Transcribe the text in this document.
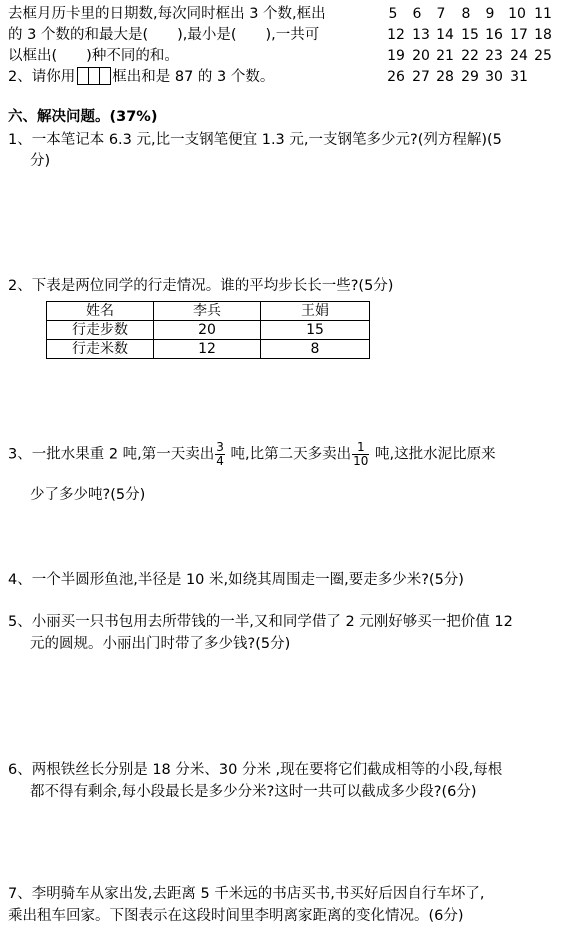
去框月历卡里的日期数,每次同时框出 3 个数,框出
的 3 个数的和最大是(　　),最小是(　　),一共可
以框出(　　)种不同的和。
2、请你用	框出和是 87 的 3 个数。
5	6	7	8	9 10 11
12 13 14 15 16 17 18
19 20 21 22 23 24 25
26 27 28 29 30 31
六、解决问题。(37%)
1、一本笔记本 6.3 元,比一支钢笔便宜 1.3 元,一支钢笔多少元?(列方程解)(5
分)
2、下表是两位同学的行走情况。谁的平均步长长一些?(5分)
姓名	李兵	王娟
行走步数	20	15
行走米数	12	8
3、一批水果重 2 吨,第一天卖出 $\frac{3}{4}$ 吨,比第二天多卖出 $\frac{1}{10}$ 吨,这批水泥比原来
少了多少吨?(5分)
4、一个半圆形鱼池,半径是 10 米,如绕其周围走一圈,要走多少米?(5分)
5、小丽买一只书包用去所带钱的一半,又和同学借了 2 元刚好够买一把价值 12
元的圆规。小丽出门时带了多少钱?(5分)
6、两根铁丝长分别是 18 分米、30 分米 ,现在要将它们截成相等的小段,每根
都不得有剩余,每小段最长是多少分米?这时一共可以截成多少段?(6分)
7、李明骑车从家出发,去距离 5 千米远的书店买书,书买好后因自行车坏了,
乘出租车回家。下图表示在这段时间里李明离家距离的变化情况。(6分)
